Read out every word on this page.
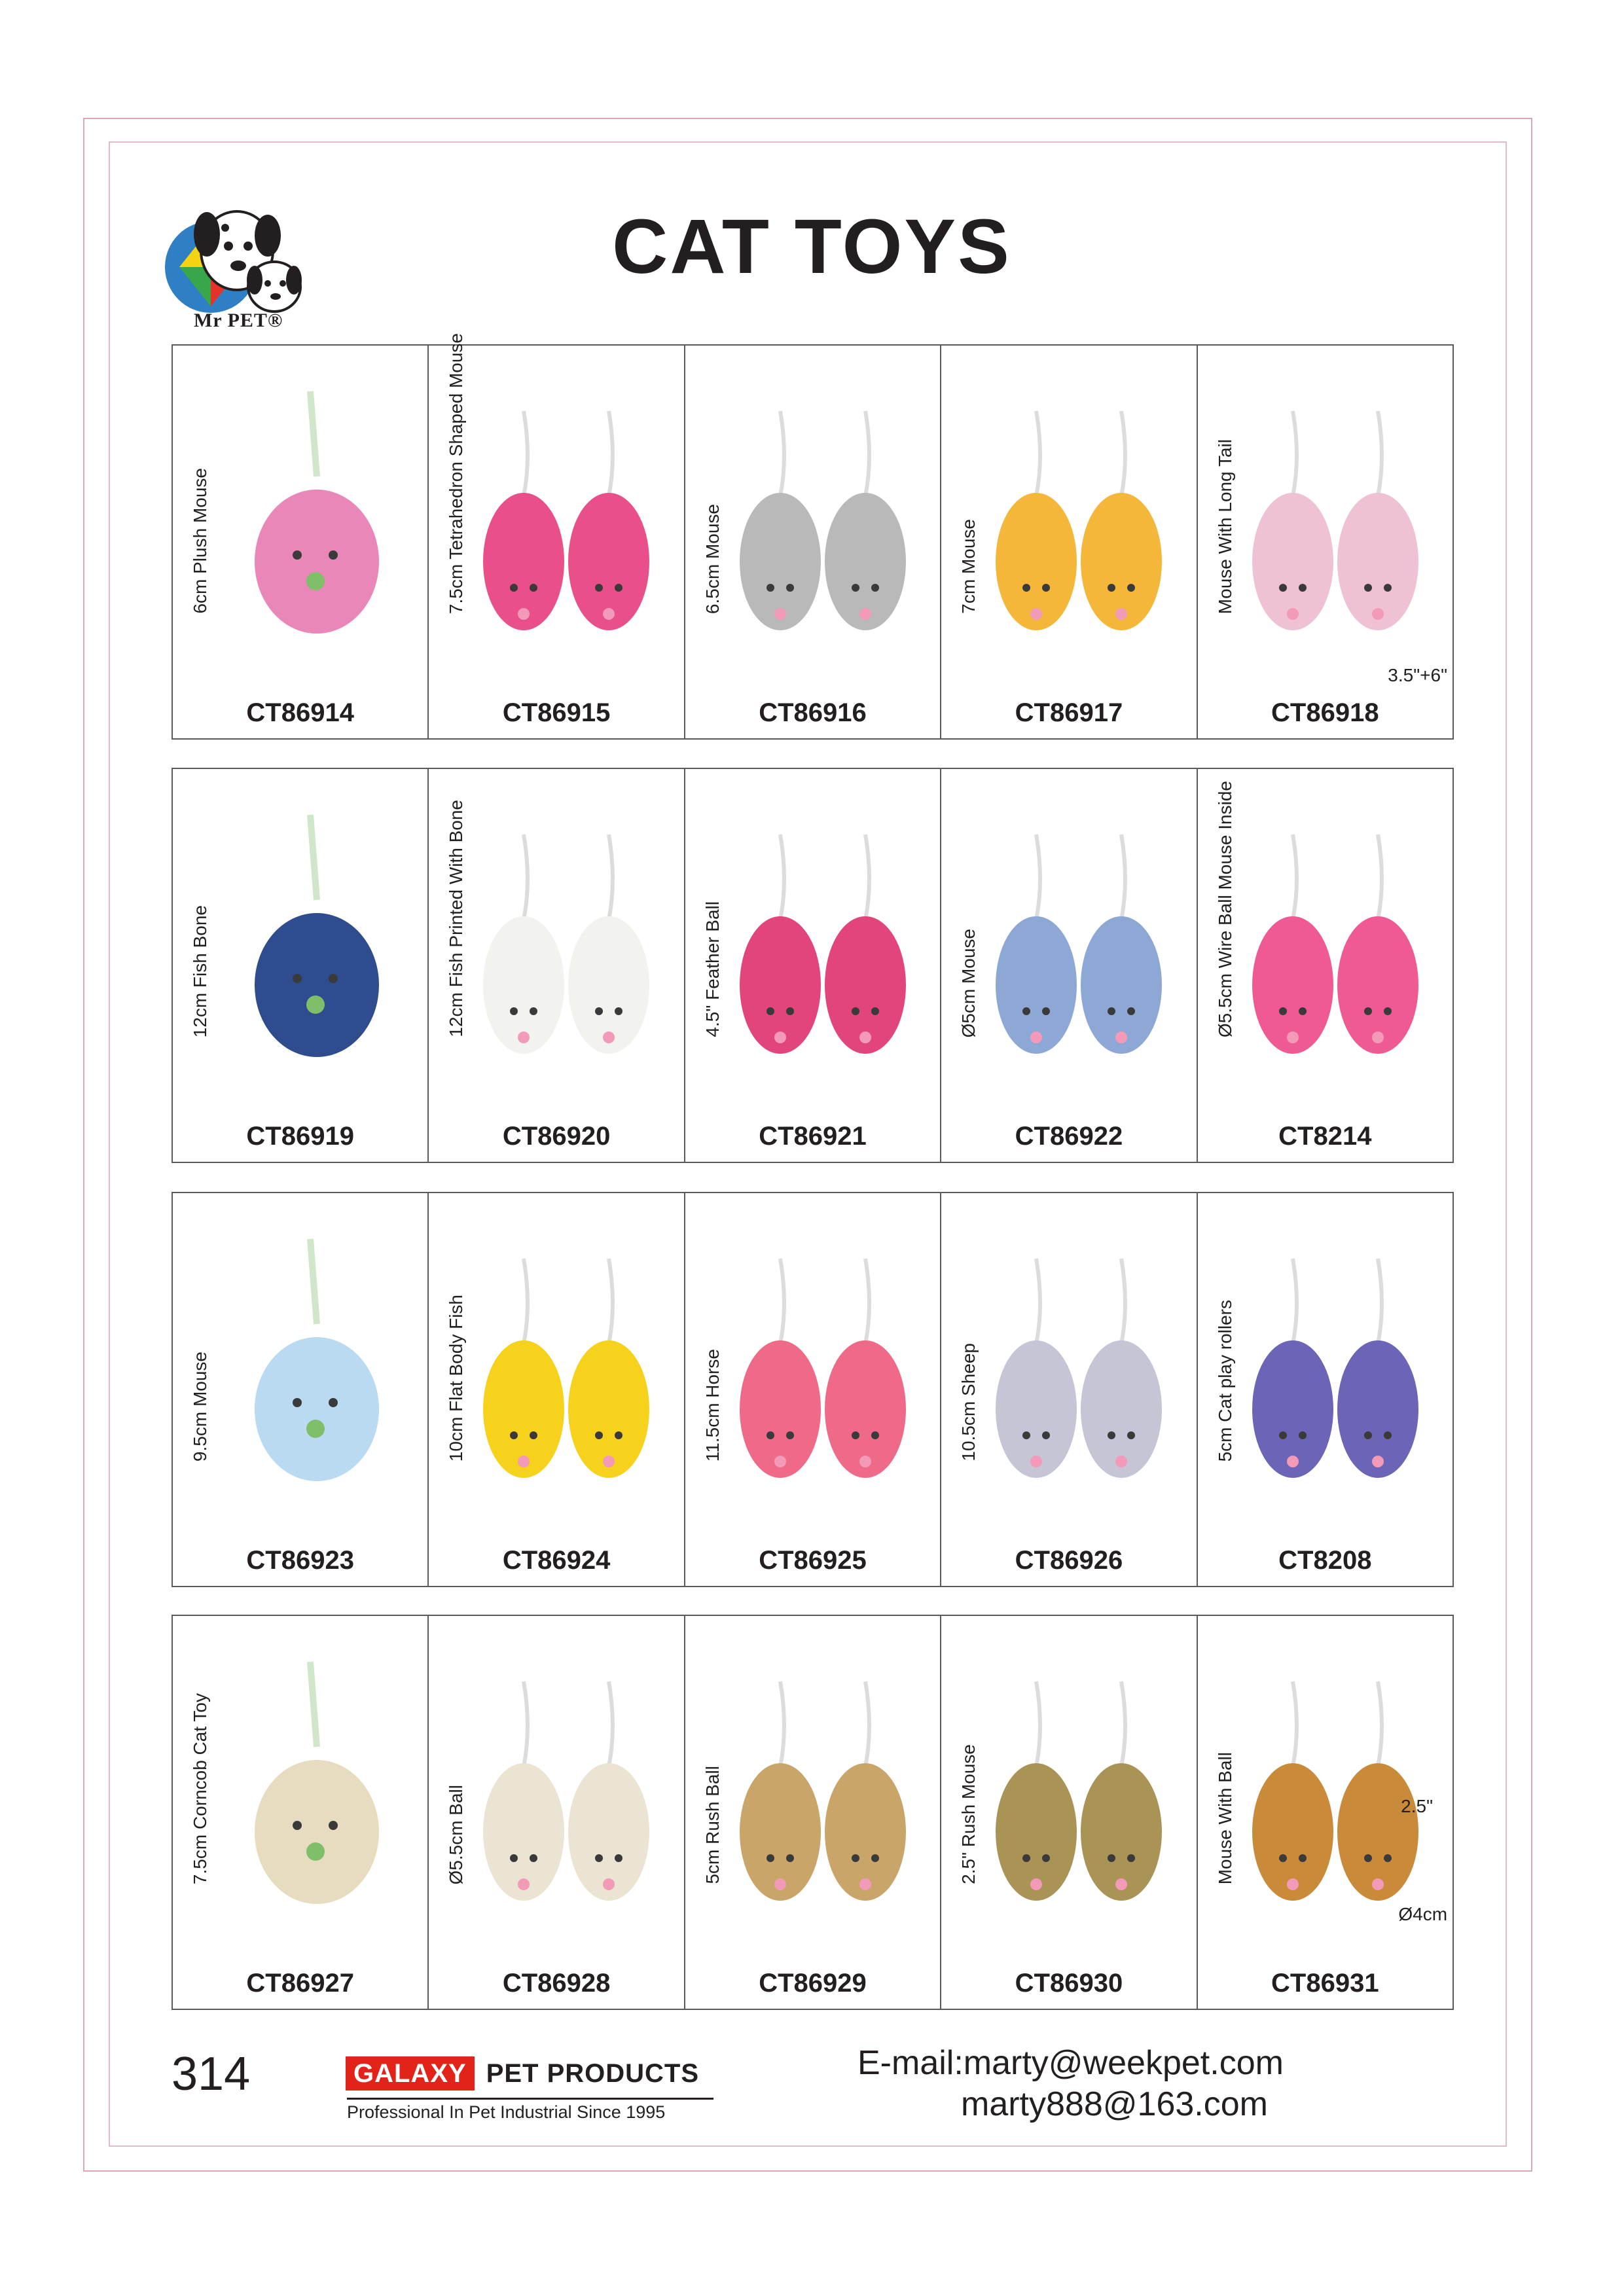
Mr PET®
CAT TOYS
6cm Plush Mouse
CT86914
7.5cm Tetrahedron Shaped Mouse
CT86915
6.5cm Mouse
CT86916
7cm Mouse
CT86917
Mouse With Long Tail
CT86918
3.5"+6"
12cm Fish Bone
CT86919
12cm Fish Printed With Bone
CT86920
4.5" Feather Ball
CT86921
Ø5cm Mouse
CT86922
Ø5.5cm Wire Ball Mouse Inside
CT8214
9.5cm Mouse
CT86923
10cm Flat Body Fish
CT86924
11.5cm Horse
CT86925
10.5cm Sheep
CT86926
5cm Cat play rollers
CT8208
7.5cm Corncob Cat Toy
CT86927
Ø5.5cm Ball
CT86928
5cm Rush Ball
CT86929
2.5" Rush Mouse
CT86930
Mouse With Ball
CT86931
2.5"
Ø4cm
314	GALAXY PET PRODUCTS
Professional In Pet Industrial Since 1995
E-mail:marty@weekpet.com
marty888@163.com
